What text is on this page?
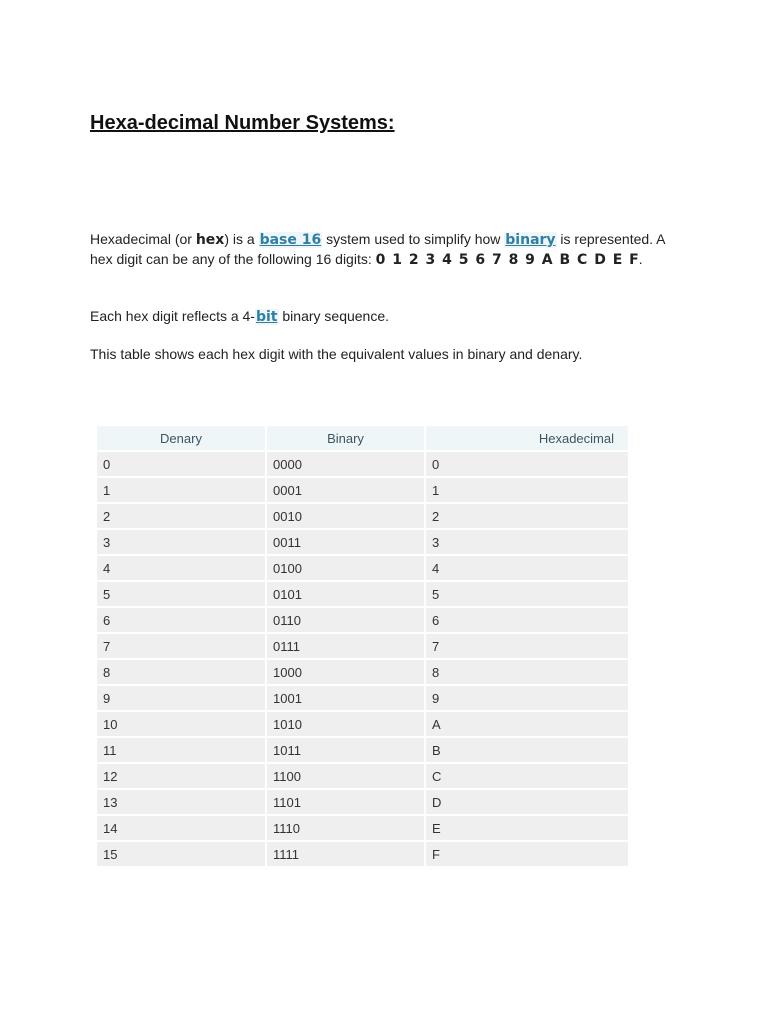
Hexa-decimal Number Systems:

Hexadecimal (or hex) is a base 16 system used to simplify how binary is represented. A hex digit can be any of the following 16 digits: 0 1 2 3 4 5 6 7 8 9 A B C D E F.

Each hex digit reflects a 4-bit binary sequence.

This table shows each hex digit with the equivalent values in binary and denary.

Denary	Binary	Hexadecimal
0	0000	0
1	0001	1
2	0010	2
3	0011	3
4	0100	4
5	0101	5
6	0110	6
7	0111	7
8	1000	8
9	1001	9
10	1010	A
11	1011	B
12	1100	C
13	1101	D
14	1110	E
15	1111	F
